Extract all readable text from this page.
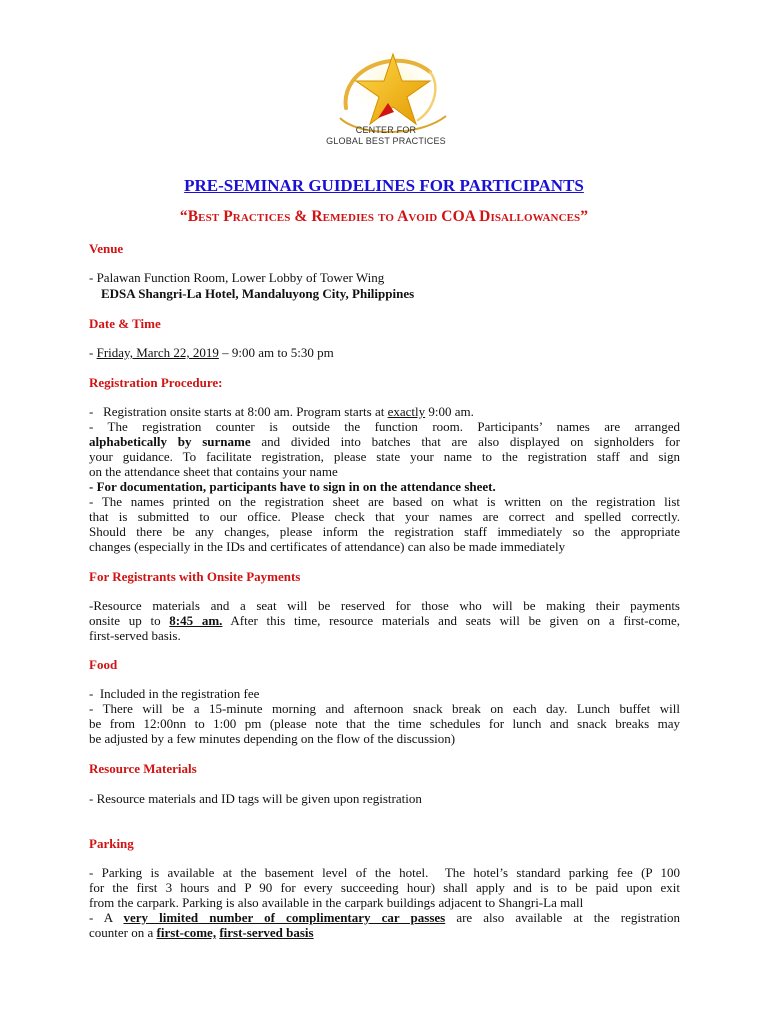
CENTER FOR
GLOBAL BEST PRACTICES
PRE-SEMINAR GUIDELINES FOR PARTICIPANTS
“Best Practices & Remedies to Avoid COA Disallowances”
Venue
- Palawan Function Room, Lower Lobby of Tower Wing
EDSA Shangri-La Hotel, Mandaluyong City, Philippines
Date & Time
- Friday, March 22, 2019 – 9:00 am to 5:30 pm
Registration Procedure:
-   Registration onsite starts at 8:00 am. Program starts at exactly 9:00 am.
- The registration counter is outside the function room. Participants’ names are arranged
alphabetically by surname and divided into batches that are also displayed on signholders for
your guidance. To facilitate registration, please state your name to the registration staff and sign
on the attendance sheet that contains your name
- For documentation, participants have to sign in on the attendance sheet.
- The names printed on the registration sheet are based on what is written on the registration list
that is submitted to our office. Please check that your names are correct and spelled correctly.
Should there be any changes, please inform the registration staff immediately so the appropriate
changes (especially in the IDs and certificates of attendance) can also be made immediately
For Registrants with Onsite Payments
-Resource materials and a seat will be reserved for those who will be making their payments
onsite up to 8:45 am. After this time, resource materials and seats will be given on a first-come,
first-served basis.
Food
-  Included in the registration fee
- There will be a 15-minute morning and afternoon snack break on each day. Lunch buffet will
be from 12:00nn to 1:00 pm (please note that the time schedules for lunch and snack breaks may
be adjusted by a few minutes depending on the flow of the discussion)
Resource Materials
- Resource materials and ID tags will be given upon registration
Parking
- Parking is available at the basement level of the hotel.  The hotel’s standard parking fee (P 100
for the first 3 hours and P 90 for every succeeding hour) shall apply and is to be paid upon exit
from the carpark. Parking is also available in the carpark buildings adjacent to Shangri-La mall
- A very limited number of complimentary car passes are also available at the registration
counter on a first-come, first-served basis
